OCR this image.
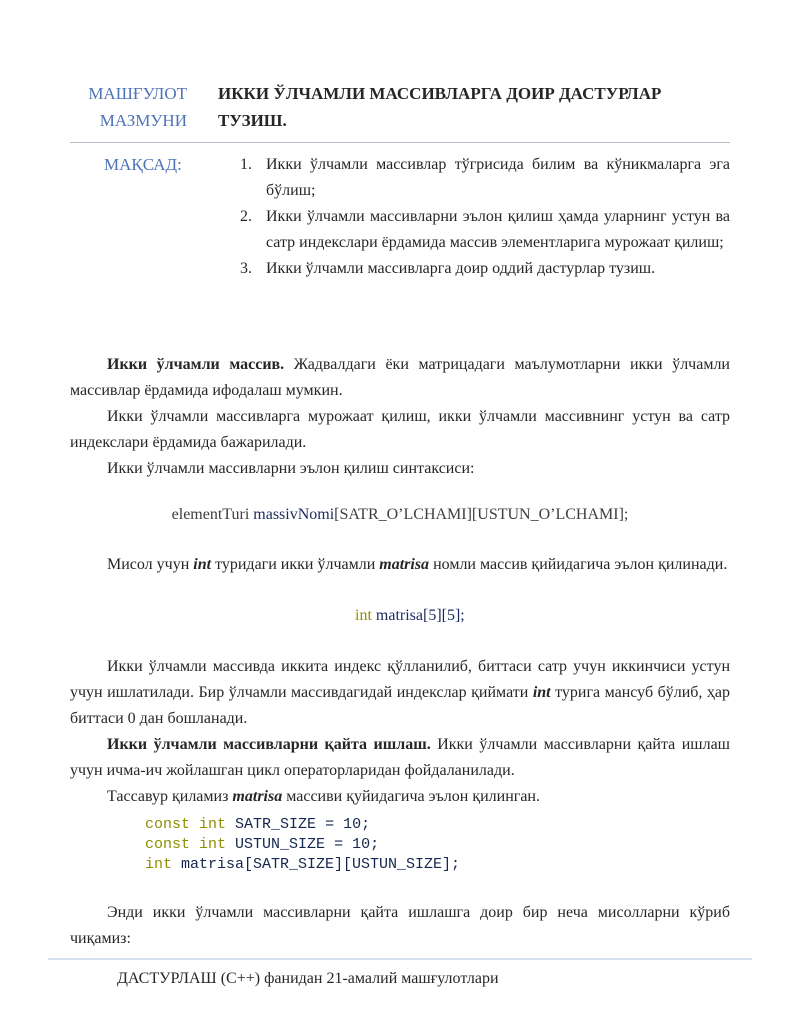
МАШҒУЛОТ
МАЗМУНИ
ИККИ ЎЛЧАМЛИ МАССИВЛАРГА ДОИР ДАСТУРЛАР ТУЗИШ.
МАҚСАД:	1. Икки ўлчамли массивлар тўгрисида билим ва кўникмаларга эга бўлиш;
2. Икки ўлчамли массивларни эълон қилиш ҳамда уларнинг устун ва сатр индекслари ёрдамида массив элементларига мурожаат қилиш;
3. Икки ўлчамли массивларга доир оддий дастурлар тузиш.

Икки ўлчамли массив. Жадвалдаги ёки матрицадаги маълумотларни икки ўлчамли массивлар ёрдамида ифодалаш мумкин.

Икки ўлчамли массивларга мурожаат қилиш, икки ўлчамли массивнинг устун ва сатр индекслари ёрдамида бажарилади.

Икки ўлчамли массивларни эълон қилиш синтаксиси:

elementTuri massivNomi[SATR_O’LCHAMI][USTUN_O’LCHAMI];

Мисол учун int туридаги икки ўлчамли matrisa номли массив қийидагича эълон қилинади.

int matrisa[5][5];

Икки ўлчамли массивда иккита индекс қўлланилиб, биттаси сатр учун иккинчиси устун учун ишлатилади. Бир ўлчамли массивдагидай индекслар қиймати int турига мансуб бўлиб, ҳар биттаси 0 дан бошланади.

Икки ўлчамли массивларни қайта ишлаш. Икки ўлчамли массивларни қайта ишлаш учун ичма-ич жойлашган цикл операторларидан фойдаланилади.

Тассавур қиламиз matrisa массиви қуйидагича эълон қилинган.

const int SATR_SIZE = 10;
const int USTUN_SIZE = 10;
int matrisa[SATR_SIZE][USTUN_SIZE];

Энди икки ўлчамли массивларни қайта ишлашга доир бир неча мисолларни кўриб чиқамиз:

ДАСТУРЛАШ (С++) фанидан 21-амалий машғулотлари
